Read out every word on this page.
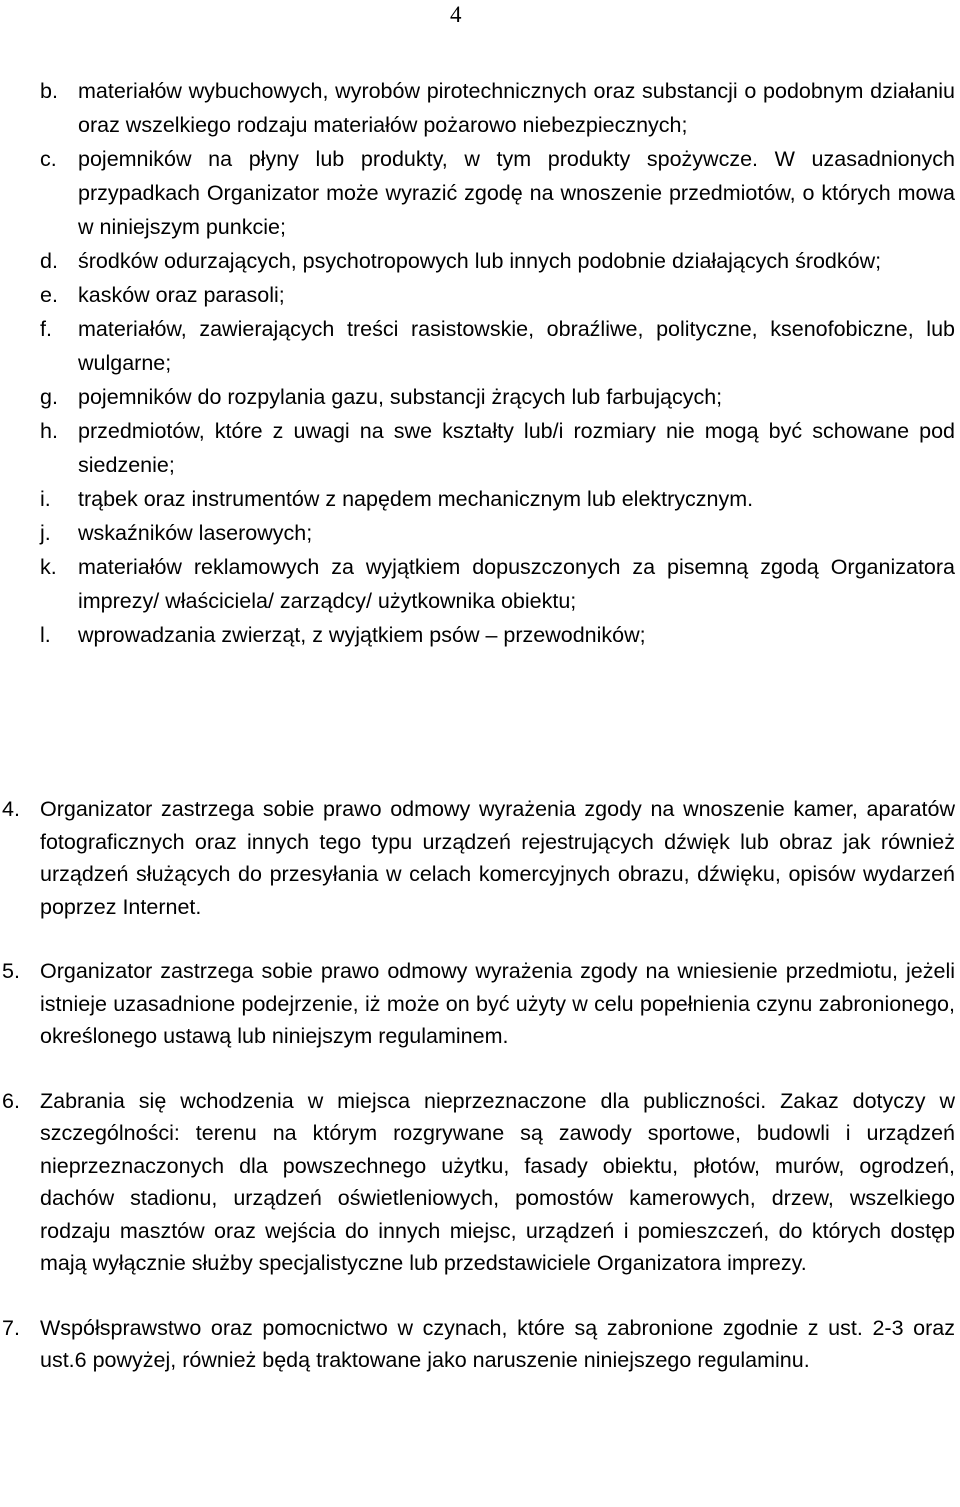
4
b. materiałów wybuchowych, wyrobów pirotechnicznych oraz substancji o podobnym działaniu oraz wszelkiego rodzaju materiałów pożarowo niebezpiecznych;
c. pojemników na płyny lub produkty, w tym produkty spożywcze. W uzasadnionych przypadkach Organizator może wyrazić zgodę na wnoszenie przedmiotów, o których mowa w niniejszym punkcie;
d. środków odurzających, psychotropowych lub innych podobnie działających środków;
e. kasków oraz parasoli;
f. materiałów, zawierających treści rasistowskie, obraźliwe, polityczne, ksenofobiczne, lub wulgarne;
g. pojemników do rozpylania gazu, substancji żrących lub farbujących;
h. przedmiotów, które z uwagi na swe kształty lub/i rozmiary nie mogą być schowane pod siedzenie;
i. trąbek oraz instrumentów z napędem mechanicznym lub elektrycznym.
j. wskaźników laserowych;
k. materiałów reklamowych za wyjątkiem dopuszczonych za pisemną zgodą Organizatora imprezy/ właściciela/ zarządcy/ użytkownika obiektu;
l. wprowadzania zwierząt, z wyjątkiem psów – przewodników;
4. Organizator zastrzega sobie prawo odmowy wyrażenia zgody na wnoszenie kamer, aparatów fotograficznych oraz innych tego typu urządzeń rejestrujących dźwięk lub obraz jak również urządzeń służących do przesyłania w celach komercyjnych obrazu, dźwięku, opisów wydarzeń poprzez Internet.
5. Organizator zastrzega sobie prawo odmowy wyrażenia zgody na wniesienie przedmiotu, jeżeli istnieje uzasadnione podejrzenie, iż może on być użyty w celu popełnienia czynu zabronionego, określonego ustawą lub niniejszym regulaminem.
6. Zabrania się wchodzenia w miejsca nieprzeznaczone dla publiczności. Zakaz dotyczy w szczególności: terenu na którym rozgrywane są zawody sportowe, budowli i urządzeń nieprzeznaczonych dla powszechnego użytku, fasady obiektu, płotów, murów, ogrodzeń, dachów stadionu, urządzeń oświetleniowych, pomostów kamerowych, drzew, wszelkiego rodzaju masztów oraz wejścia do innych miejsc, urządzeń i pomieszczeń, do których dostęp mają wyłącznie służby specjalistyczne lub przedstawiciele Organizatora imprezy.
7. Współsprawstwo oraz pomocnictwo w czynach, które są zabronione zgodnie z ust. 2-3 oraz ust.6 powyżej, również będą traktowane jako naruszenie niniejszego regulaminu.
